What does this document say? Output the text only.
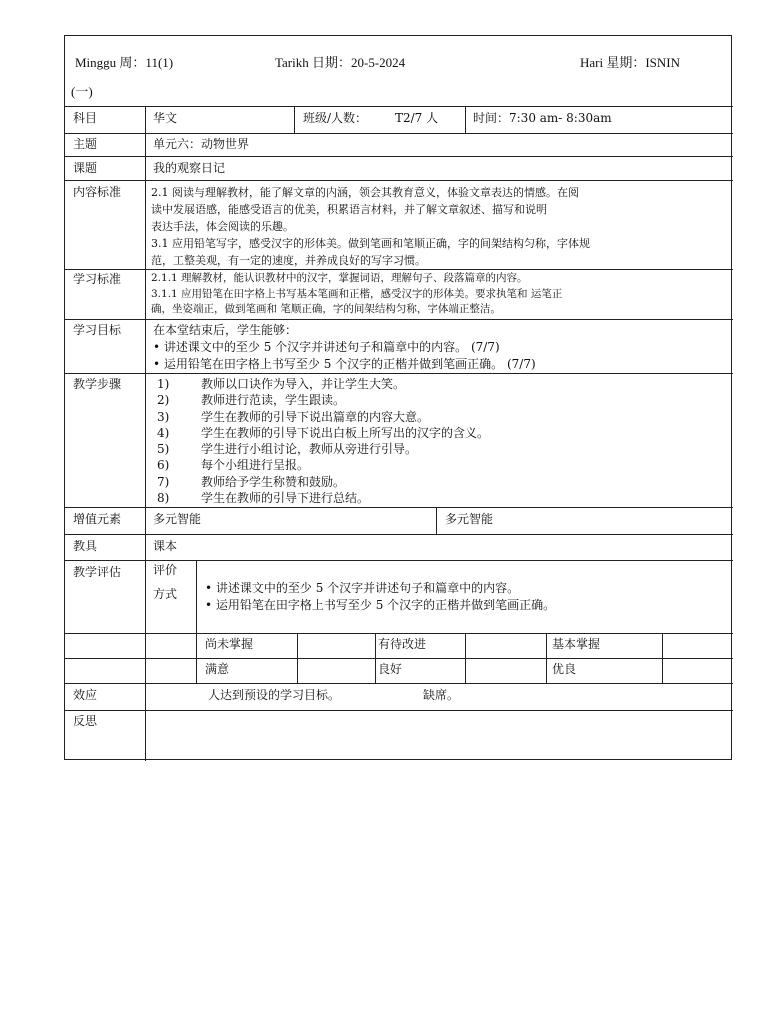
Minggu 周：11(1)	Tarikh 日期：20-5-2024	Hari 星期：ISNIN
(一)
科目	华文	班级/人数： T2/7 人	时间：7:30 am- 8:30am
主题	单元六：动物世界
课题	我的观察日记
内容标准	2.1 阅读与理解教材，能了解文章的内涵，领会其教育意义，体验文章表达的情感。在阅
读中发展语感，能感受语言的优美，积累语言材料，并了解文章叙述、描写和说明
表达手法，体会阅读的乐趣。
3.1 应用铅笔写字，感受汉字的形体美。做到笔画和笔顺正确，字的间架结构匀称，字体规
范，工整美观，有一定的速度，并养成良好的写字习惯。
学习标准	2.1.1 理解教材，能认识教材中的汉字，掌握词语，理解句子、段落篇章的内容。
3.1.1 应用铅笔在田字格上书写基本笔画和正楷，感受汉字的形体美。要求执笔和 运笔正
确，坐姿端正，做到笔画和 笔顺正确，字的间架结构匀称，字体端正整洁。
学习目标	在本堂结束后，学生能够：
• 讲述课文中的至少 5 个汉字并讲述句子和篇章中的内容。 (7/7)
• 运用铅笔在田字格上书写至少 5 个汉字的正楷并做到笔画正确。 (7/7)
教学步骤	1)	教师以口诀作为导入，并让学生大笑。
2)	教师进行范读，学生跟读。
3)	学生在教师的引导下说出篇章的内容大意。
4)	学生在教师的引导下说出白板上所写出的汉字的含义。
5)	学生进行小组讨论，教师从旁进行引导。
6)	每个小组进行呈报。
7)	教师给予学生称赞和鼓励。
8)	学生在教师的引导下进行总结。
增值元素	多元智能	多元智能
教具	课本
教学评估	评价
方式 • 讲述课文中的至少 5 个汉字并讲述句子和篇章中的内容。
• 运用铅笔在田字格上书写至少 5 个汉字的正楷并做到笔画正确。
尚未掌握	有待改进	基本掌握
满意	良好	优良
效应	人达到预设的学习目标。	缺席。
反思
